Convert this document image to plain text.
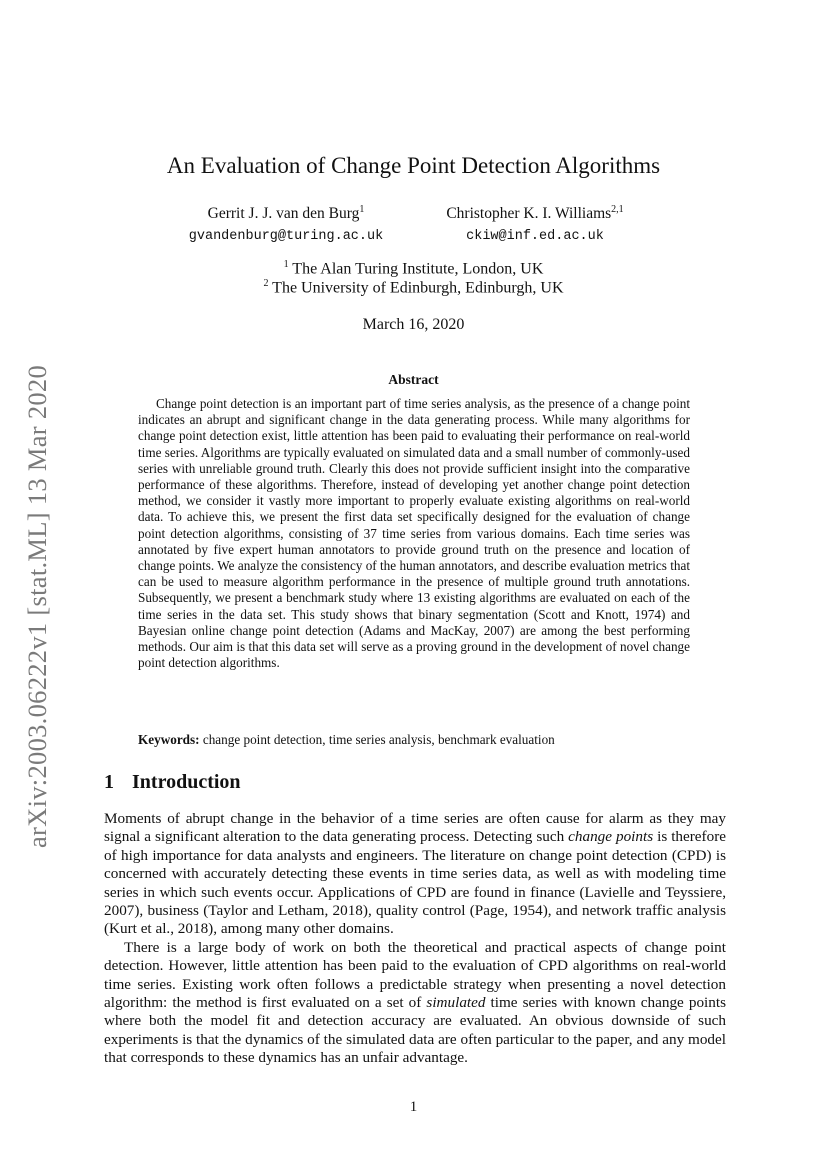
arXiv:2003.06222v1 [stat.ML] 13 Mar 2020
An Evaluation of Change Point Detection Algorithms
Gerrit J. J. van den Burg$^1$
gvandenburg@turing.ac.uk
Christopher K. I. Williams$^{2,1}$
ckiw@inf.ed.ac.uk
$^1$ The Alan Turing Institute, London, UK
$^2$ The University of Edinburgh, Edinburgh, UK
March 16, 2020
Abstract

Change point detection is an important part of time series analysis, as the presence of a change point indicates an abrupt and significant change in the data generating process. While many algorithms for change point detection exist, little attention has been paid to evaluating their performance on real-world time series. Algorithms are typically evaluated on simulated data and a small number of commonly-used series with unreliable ground truth. Clearly this does not provide sufficient insight into the comparative performance of these algorithms. Therefore, instead of developing yet another change point detection method, we consider it vastly more important to properly evaluate existing algorithms on real-world data. To achieve this, we present the first data set specifically designed for the evaluation of change point detection algorithms, consisting of 37 time series from various domains. Each time series was annotated by five expert human annotators to provide ground truth on the presence and location of change points. We analyze the consistency of the human annotators, and describe evaluation metrics that can be used to measure algorithm performance in the presence of multiple ground truth annotations. Subsequently, we present a benchmark study where 13 existing algorithms are evaluated on each of the time series in the data set. This study shows that binary segmentation (Scott and Knott, 1974) and Bayesian online change point detection (Adams and MacKay, 2007) are among the best performing methods. Our aim is that this data set will serve as a proving ground in the development of novel change point detection algorithms.

Keywords: change point detection, time series analysis, benchmark evaluation
1 Introduction

Moments of abrupt change in the behavior of a time series are often cause for alarm as they may signal a significant alteration to the data generating process. Detecting such change points is therefore of high importance for data analysts and engineers. The literature on change point detection (CPD) is concerned with accurately detecting these events in time series data, as well as with modeling time series in which such events occur. Applications of CPD are found in finance (Lavielle and Teyssiere, 2007), business (Taylor and Letham, 2018), quality control (Page, 1954), and network traffic analysis (Kurt et al., 2018), among many other domains.

There is a large body of work on both the theoretical and practical aspects of change point detection. However, little attention has been paid to the evaluation of CPD algorithms on real-world time series. Existing work often follows a predictable strategy when presenting a novel detection algorithm: the method is first evaluated on a set of simulated time series with known change points where both the model fit and detection accuracy are evaluated. An obvious downside of such experiments is that the dynamics of the simulated data are often particular to the paper, and any model that corresponds to these dynamics has an unfair advantage.

1
